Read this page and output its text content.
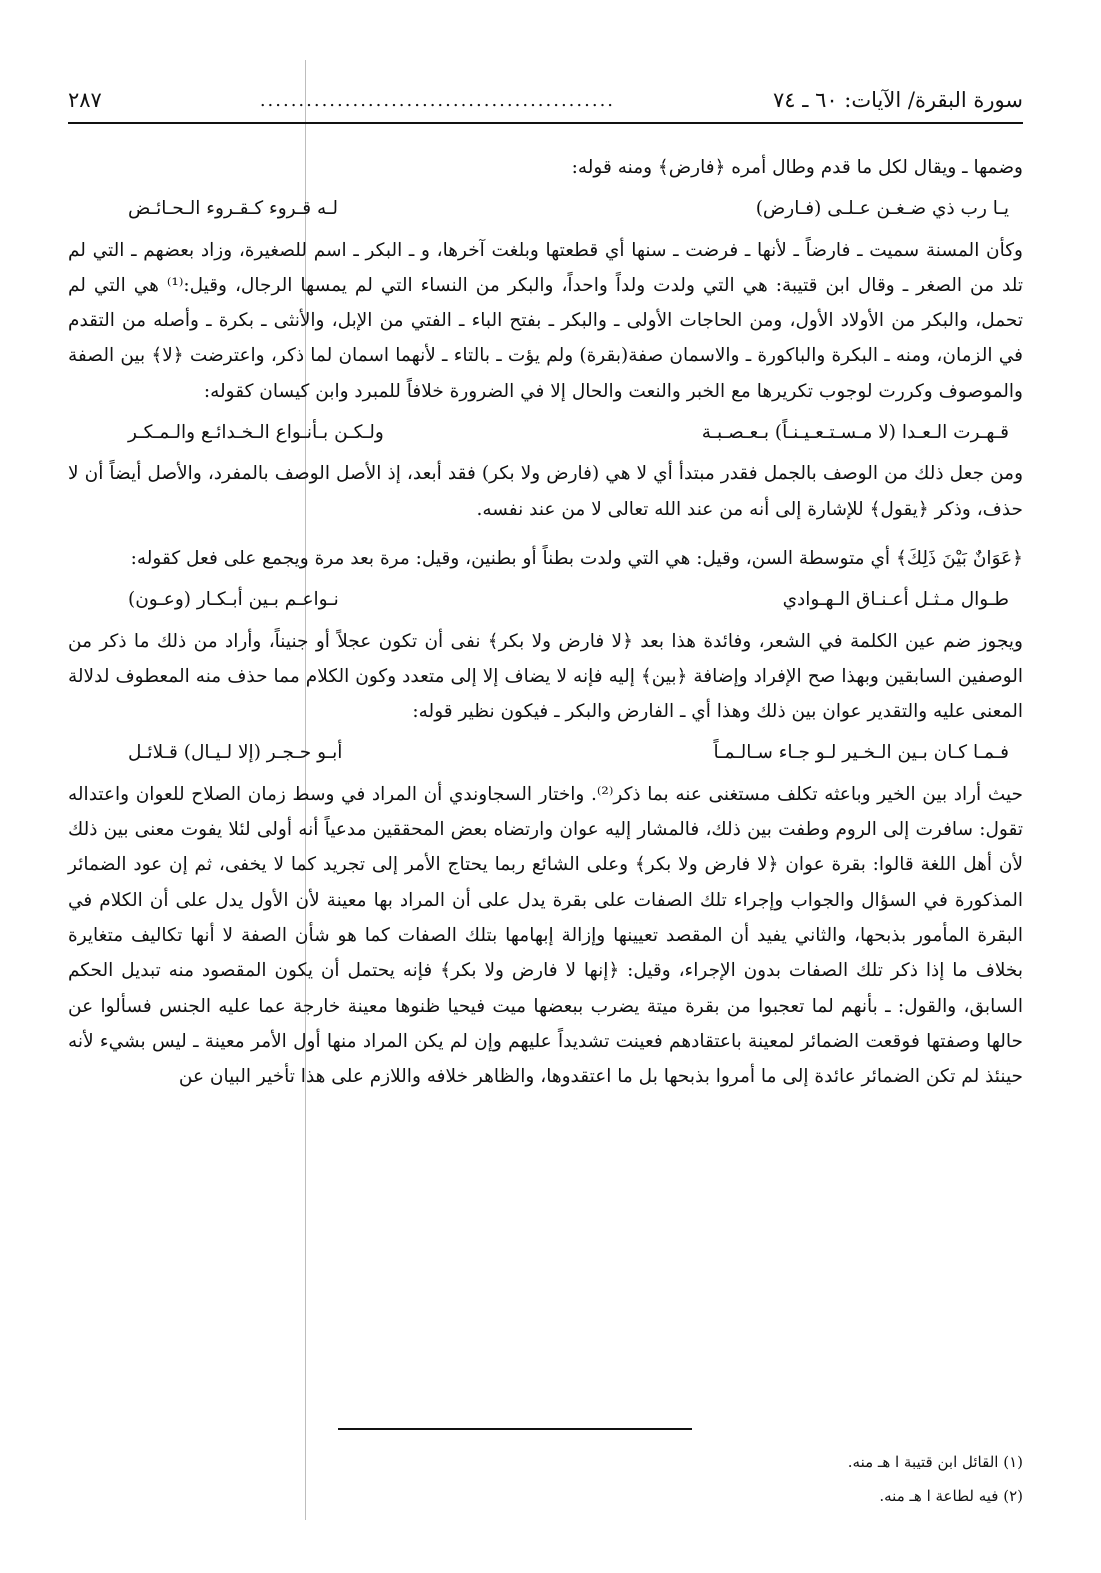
سورة البقرة/ الآيات: ٦٠ ـ ٧٤
..............................................
٢٨٧

وضمها ـ ويقال لكل ما قدم وطال أمره ﴿فارض﴾ ومنه قوله:

يـا رب ذي ضـغـن عـلـى (فـارض)
لـه قـروء كـقـروء الـحـائـض

وكأن المسنة سميت ـ فارضاً ـ لأنها ـ فرضت ـ سنها أي قطعتها وبلغت آخرها، و ـ البكر ـ اسم للصغيرة، وزاد بعضهم ـ التي لم تلد من الصغر ـ وقال ابن قتيبة: هي التي ولدت ولداً واحداً، والبكر من النساء التي لم يمسها الرجال، وقيل:⁽¹⁾ هي التي لم تحمل، والبكر من الأولاد الأول، ومن الحاجات الأولى ـ والبكر ـ بفتح الباء ـ الفتي من الإبل، والأنثى ـ بكرة ـ وأصله من التقدم في الزمان، ومنه ـ البكرة والباكورة ـ والاسمان صفة(بقرة) ولم يؤت ـ بالتاء ـ لأنهما اسمان لما ذكر، واعترضت ﴿لا﴾ بين الصفة والموصوف وكررت لوجوب تكريرها مع الخبر والنعت والحال إلا في الضرورة خلافاً للمبرد وابن كيسان كقوله:

قـهـرت الـعـدا (لا مـسـتـعـيـنـاً) بـعـصـبـة
ولـكـن بـأنـواع الـخـدائـع والـمـكـر

ومن جعل ذلك من الوصف بالجمل فقدر مبتدأ أي لا هي (فارض ولا بكر) فقد أبعد، إذ الأصل الوصف بالمفرد، والأصل أيضاً أن لا حذف، وذكر ﴿يقول﴾ للإشارة إلى أنه من عند الله تعالى لا من عند نفسه.

﴿عَوَانٌ بَيْنَ ذَلِكَ﴾ أي متوسطة السن، وقيل: هي التي ولدت بطناً أو بطنين، وقيل: مرة بعد مرة ويجمع على فعل كقوله:

طـوال مـثـل أعـنـاق الـهـوادي
نـواعـم بـين أبـكـار (وعـون)

ويجوز ضم عين الكلمة في الشعر، وفائدة هذا بعد ﴿لا فارض ولا بكر﴾ نفى أن تكون عجلاً أو جنيناً، وأراد من ذلك ما ذكر من الوصفين السابقين وبهذا صح الإفراد وإضافة ﴿بين﴾ إليه فإنه لا يضاف إلا إلى متعدد وكون الكلام مما حذف منه المعطوف لدلالة المعنى عليه والتقدير عوان بين ذلك وهذا أي ـ الفارض والبكر ـ فيكون نظير قوله:

فـمـا كـان بـين الـخـير لـو جـاء سـالـمـاً
أبـو حـجـر (إلا لـيـال) قـلائـل

حيث أراد بين الخير وباعثه تكلف مستغنى عنه بما ذكر⁽²⁾. واختار السجاوندي أن المراد في وسط زمان الصلاح للعوان واعتداله تقول: سافرت إلى الروم وطفت بين ذلك، فالمشار إليه عوان وارتضاه بعض المحققين مدعياً أنه أولى لئلا يفوت معنى بين ذلك لأن أهل اللغة قالوا: بقرة عوان ﴿لا فارض ولا بكر﴾ وعلى الشائع ربما يحتاج الأمر إلى تجريد كما لا يخفى، ثم إن عود الضمائر المذكورة في السؤال والجواب وإجراء تلك الصفات على بقرة يدل على أن المراد بها معينة لأن الأول يدل على أن الكلام في البقرة المأمور بذبحها، والثاني يفيد أن المقصد تعيينها وإزالة إبهامها بتلك الصفات كما هو شأن الصفة لا أنها تكاليف متغايرة بخلاف ما إذا ذكر تلك الصفات بدون الإجراء، وقيل: ﴿إنها لا فارض ولا بكر﴾ فإنه يحتمل أن يكون المقصود منه تبديل الحكم السابق، والقول: ـ بأنهم لما تعجبوا من بقرة ميتة يضرب ببعضها ميت فيحيا ظنوها معينة خارجة عما عليه الجنس فسألوا عن حالها وصفتها فوقعت الضمائر لمعينة باعتقادهم فعينت تشديداً عليهم وإن لم يكن المراد منها أول الأمر معينة ـ ليس بشيء لأنه حينئذ لم تكن الضمائر عائدة إلى ما أمروا بذبحها بل ما اعتقدوها، والظاهر خلافه واللازم على هذا تأخير البيان عن

(١) القائل ابن قتيبة ا هـ منه.
(٢) فيه لطاعة ا هـ منه.
